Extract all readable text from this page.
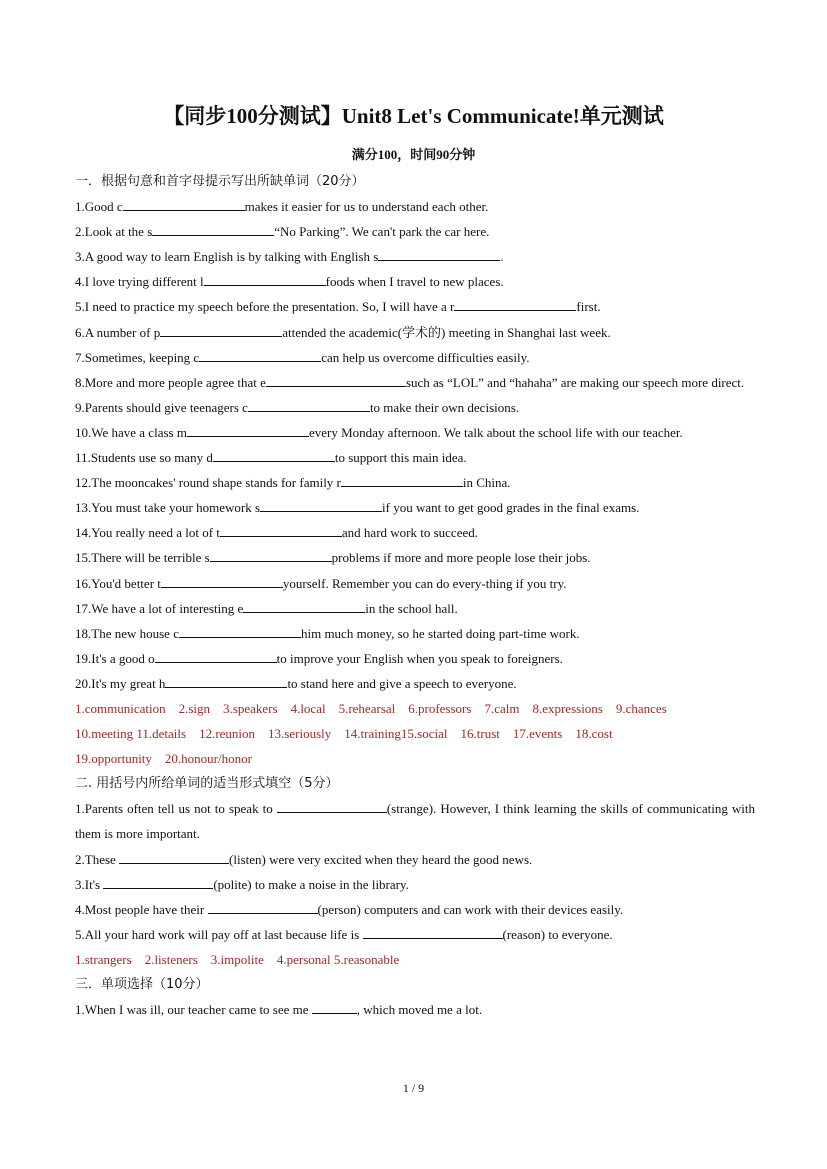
【同步100分测试】Unit8 Let's Communicate!单元测试
满分100，时间90分钟
一．根据句意和首字母提示写出所缺单词（20分）
1.Good c	makes it easier for us to understand each other.
2.Look at the s	“No Parking”. We can't park the car here.
3.A good way to learn English is by talking with English s	.
4.I love trying different l	foods when I travel to new places.
5.I need to practice my speech before the presentation. So, I will have a r	first.
6.A number of p	attended the academic(学术的) meeting in Shanghai last week.
7.Sometimes, keeping c	can help us overcome difficulties easily.
8.More and more people agree that e	such as “LOL” and “hahaha” are making our speech more direct.
9.Parents should give teenagers c	to make their own decisions.
10.We have a class m	every Monday afternoon. We talk about the school life with our teacher.
11.Students use so many d	to support this main idea.
12.The mooncakes' round shape stands for family r	in China.
13.You must take your homework s	if you want to get good grades in the final exams.
14.You really need a lot of t	and hard work to succeed.
15.There will be terrible s	problems if more and more people lose their jobs.
16.You'd better t	yourself. Remember you can do every-thing if you try.
17.We have a lot of interesting e	in the school hall.
18.The new house c	him much money, so he started doing part-time work.
19.It's a good o	to improve your English when you speak to foreigners.
20.It's my great h	to stand here and give a speech to everyone.
1.communication 2.sign 3.speakers 4.local 5.rehearsal 6.professors 7.calm 8.expressions 9.chances
10.meeting 11.details 12.reunion 13.seriously 14.training15.social 16.trust 17.events 18.cost
19.opportunity 20.honour/honor
二. 用括号内所给单词的适当形式填空（5分）
1.Parents often tell us not to speak to	(strange). However, I think learning the skills of communicating with them is more important.
2.These	(listen) were very excited when they heard the good news.
3.It's	(polite) to make a noise in the library.
4.Most people have their	(person) computers and can work with their devices easily.
5.All your hard work will pay off at last because life is	(reason) to everyone.
1.strangers 2.listeners 3.impolite 4.personal 5.reasonable
三．单项选择（10分）
1.When I was ill, our teacher came to see me	, which moved me a lot.
1 / 9
